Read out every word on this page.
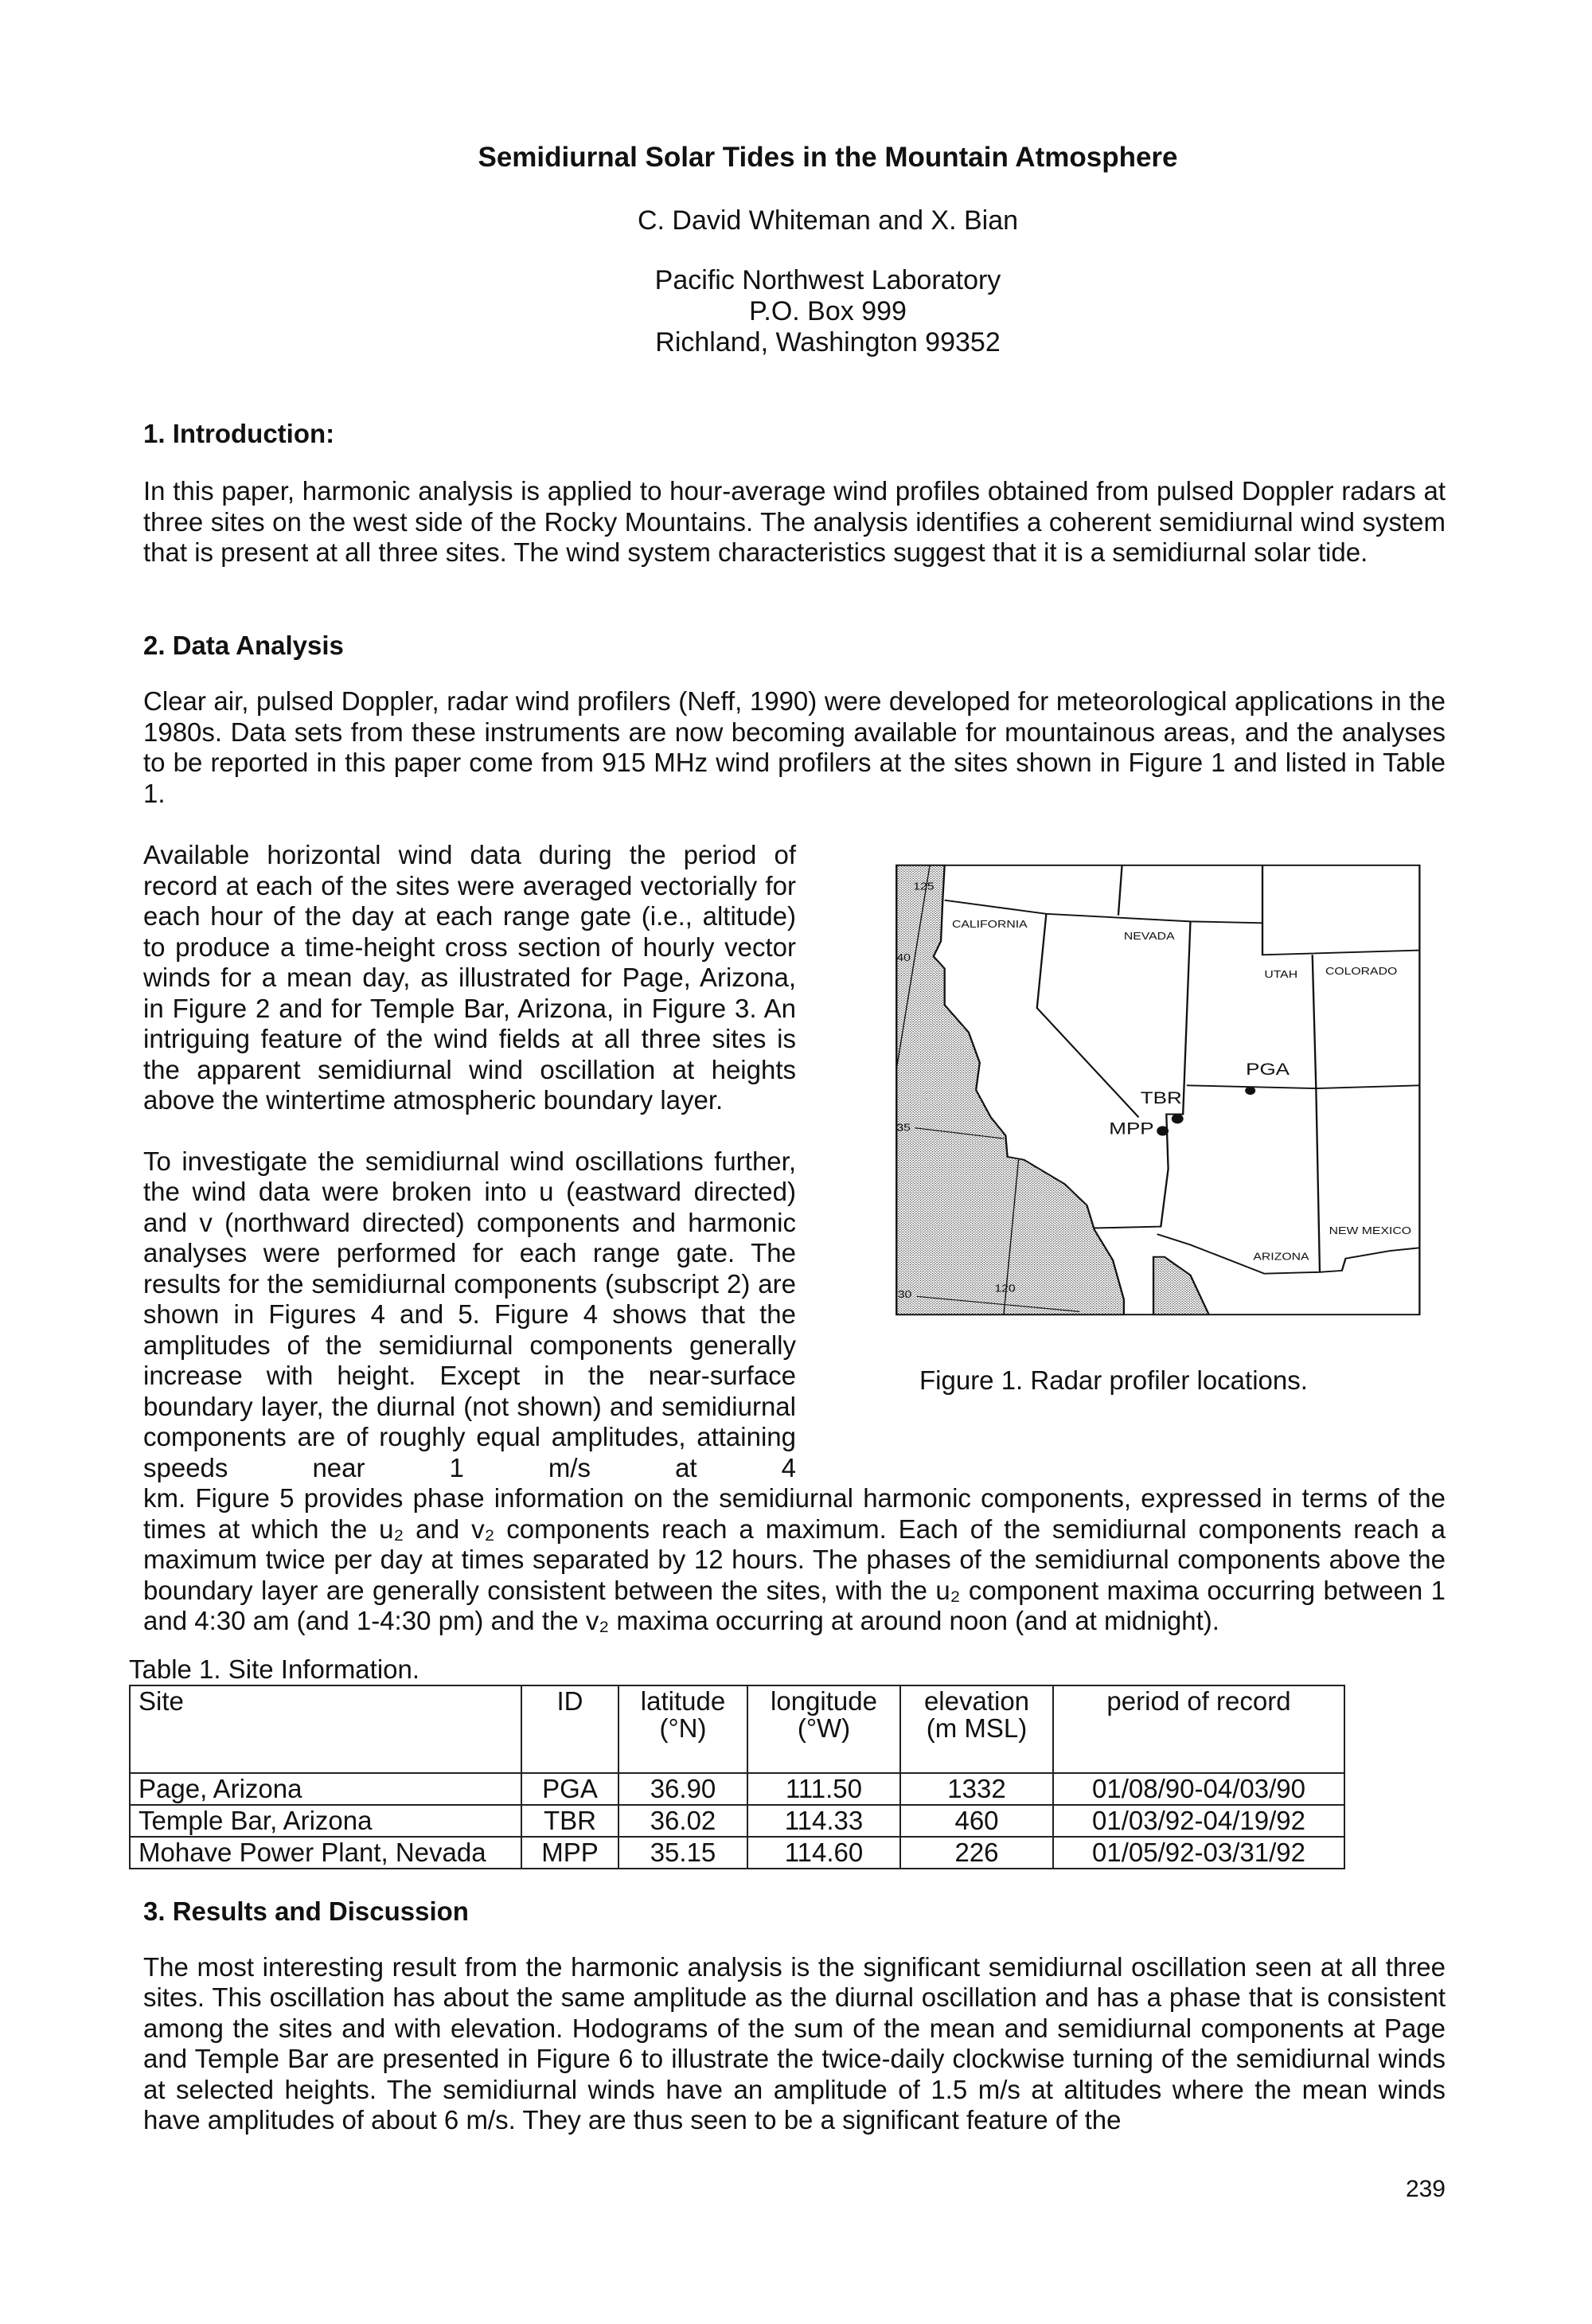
Semidiurnal Solar Tides in the Mountain Atmosphere
C. David Whiteman and X. Bian
Pacific Northwest Laboratory
P.O. Box 999
Richland, Washington 99352
1. Introduction:
In this paper, harmonic analysis is applied to hour-average wind profiles obtained from pulsed Doppler radars at three sites on the west side of the Rocky Mountains. The analysis identifies a coherent semidiurnal wind system that is present at all three sites. The wind system characteristics suggest that it is a semidiurnal solar tide.
2. Data Analysis
Clear air, pulsed Doppler, radar wind profilers (Neff, 1990) were developed for meteorological applications in the 1980s. Data sets from these instruments are now becoming available for mountainous areas, and the analyses to be reported in this paper come from 915 MHz wind profilers at the sites shown in Figure 1 and listed in Table 1.
Available horizontal wind data during the period of record at each of the sites were averaged vectorially for each hour of the day at each range gate (i.e., altitude) to produce a time-height cross section of hourly vector winds for a mean day, as illustrated for Page, Arizona, in Figure 2 and for Temple Bar, Arizona, in Figure 3. An intriguing feature of the wind fields at all three sites is the apparent semidiurnal wind oscillation at heights above the wintertime atmospheric boundary layer.
To investigate the semidiurnal wind oscillations further, the wind data were broken into u (eastward directed) and v (northward directed) components and harmonic analyses were performed for each range gate. The results for the semidiurnal components (subscript 2) are shown in Figures 4 and 5. Figure 4 shows that the amplitudes of the semidiurnal components generally increase with height. Except in the near-surface boundary layer, the diurnal (not shown) and semidiurnal components are of roughly equal amplitudes, attaining speeds near 1 m/s at 4
km. Figure 5 provides phase information on the semidiurnal harmonic components, expressed in terms of the times at which the u₂ and v₂ components reach a maximum. Each of the semidiurnal components reach a maximum twice per day at times separated by 12 hours. The phases of the semidiurnal components above the boundary layer are generally consistent between the sites, with the u₂ component maxima occurring between 1 and 4:30 am (and 1-4:30 pm) and the v₂ maxima occurring at around noon (and at midnight).
Table 1. Site Information.
Site	ID	latitude (°N)	longitude (°W)	elevation (m MSL)	period of record
Page, Arizona	PGA	36.90	111.50	1332	01/08/90-04/03/90
Temple Bar, Arizona	TBR	36.02	114.33	460	01/03/92-04/19/92
Mohave Power Plant, Nevada	MPP	35.15	114.60	226	01/05/92-03/31/92
3. Results and Discussion
The most interesting result from the harmonic analysis is the significant semidiurnal oscillation seen at all three sites. This oscillation has about the same amplitude as the diurnal oscillation and has a phase that is consistent among the sites and with elevation. Hodograms of the sum of the mean and semidiurnal components at Page and Temple Bar are presented in Figure 6 to illustrate the twice-daily clockwise turning of the semidiurnal winds at selected heights. The semidiurnal winds have an amplitude of 1.5 m/s at altitudes where the mean winds have amplitudes of about 6 m/s. They are thus seen to be a significant feature of the
239
CALIFORNIA
NEVADA
UTAH COLORADO
ARIZONA
NEW MEXICO
PGA
TBR
MPP
125
40
35
30
120
Figure 1. Radar profiler locations.
